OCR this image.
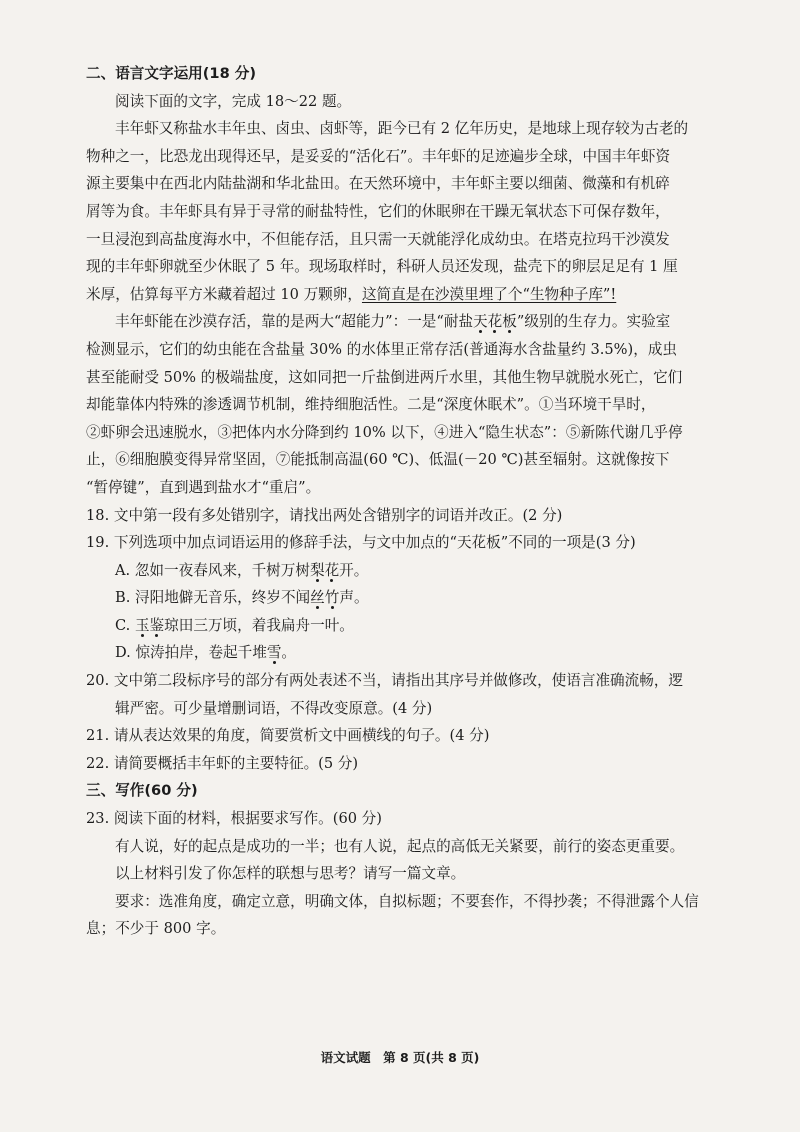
二、语言文字运用(18 分)
阅读下面的文字，完成 18～22 题。
丰年虾又称盐水丰年虫、卤虫、卤虾等，距今已有 2 亿年历史，是地球上现存较为古老的
物种之一，比恐龙出现得还早，是妥妥的“活化石”。丰年虾的足迹遍步全球，中国丰年虾资
源主要集中在西北内陆盐湖和华北盐田。在天然环境中，丰年虾主要以细菌、微藻和有机碎
屑等为食。丰年虾具有异于寻常的耐盐特性，它们的休眠卵在干躁无氧状态下可保存数年，
一旦浸泡到高盐度海水中，不但能存活，且只需一天就能浮化成幼虫。在塔克拉玛干沙漠发
现的丰年虾卵就至少休眠了 5 年。现场取样时，科研人员还发现，盐壳下的卵层足足有 1 厘
米厚，估算每平方米藏着超过 10 万颗卵，这简直是在沙漠里埋了个“生物种子库”!
丰年虾能在沙漠存活，靠的是两大“超能力”：一是“耐盐天花板”级别的生存力。实验室
检测显示，它们的幼虫能在含盐量 30% 的水体里正常存活(普通海水含盐量约 3.5%)，成虫
甚至能耐受 50% 的极端盐度，这如同把一斤盐倒进两斤水里，其他生物早就脱水死亡，它们
却能靠体内特殊的渗透调节机制，维持细胞活性。二是“深度休眠术”。①当环境干旱时，
②虾卵会迅速脱水，③把体内水分降到约 10% 以下，④进入“隐生状态”：⑤新陈代谢几乎停
止，⑥细胞膜变得异常坚固，⑦能抵制高温(60 ℃)、低温(－20 ℃)甚至辐射。这就像按下
“暂停键”，直到遇到盐水才“重启”。
18. 文中第一段有多处错别字，请找出两处含错别字的词语并改正。(2 分)
19. 下列选项中加点词语运用的修辞手法，与文中加点的“天花板”不同的一项是(3 分)
A. 忽如一夜春风来，千树万树梨花开。
B. 浔阳地僻无音乐，终岁不闻丝竹声。
C. 玉鉴琼田三万顷，着我扁舟一叶。
D. 惊涛拍岸，卷起千堆雪。
20. 文中第二段标序号的部分有两处表述不当，请指出其序号并做修改，使语言准确流畅，逻
辑严密。可少量增删词语，不得改变原意。(4 分)
21. 请从表达效果的角度，简要赏析文中画横线的句子。(4 分)
22. 请简要概括丰年虾的主要特征。(5 分)
三、写作(60 分)
23. 阅读下面的材料，根据要求写作。(60 分)
有人说，好的起点是成功的一半；也有人说，起点的高低无关紧要，前行的姿态更重要。
以上材料引发了你怎样的联想与思考？请写一篇文章。
要求：选准角度，确定立意，明确文体，自拟标题；不要套作，不得抄袭；不得泄露个人信
息；不少于 800 字。
语文试题　第 8 页(共 8 页)
